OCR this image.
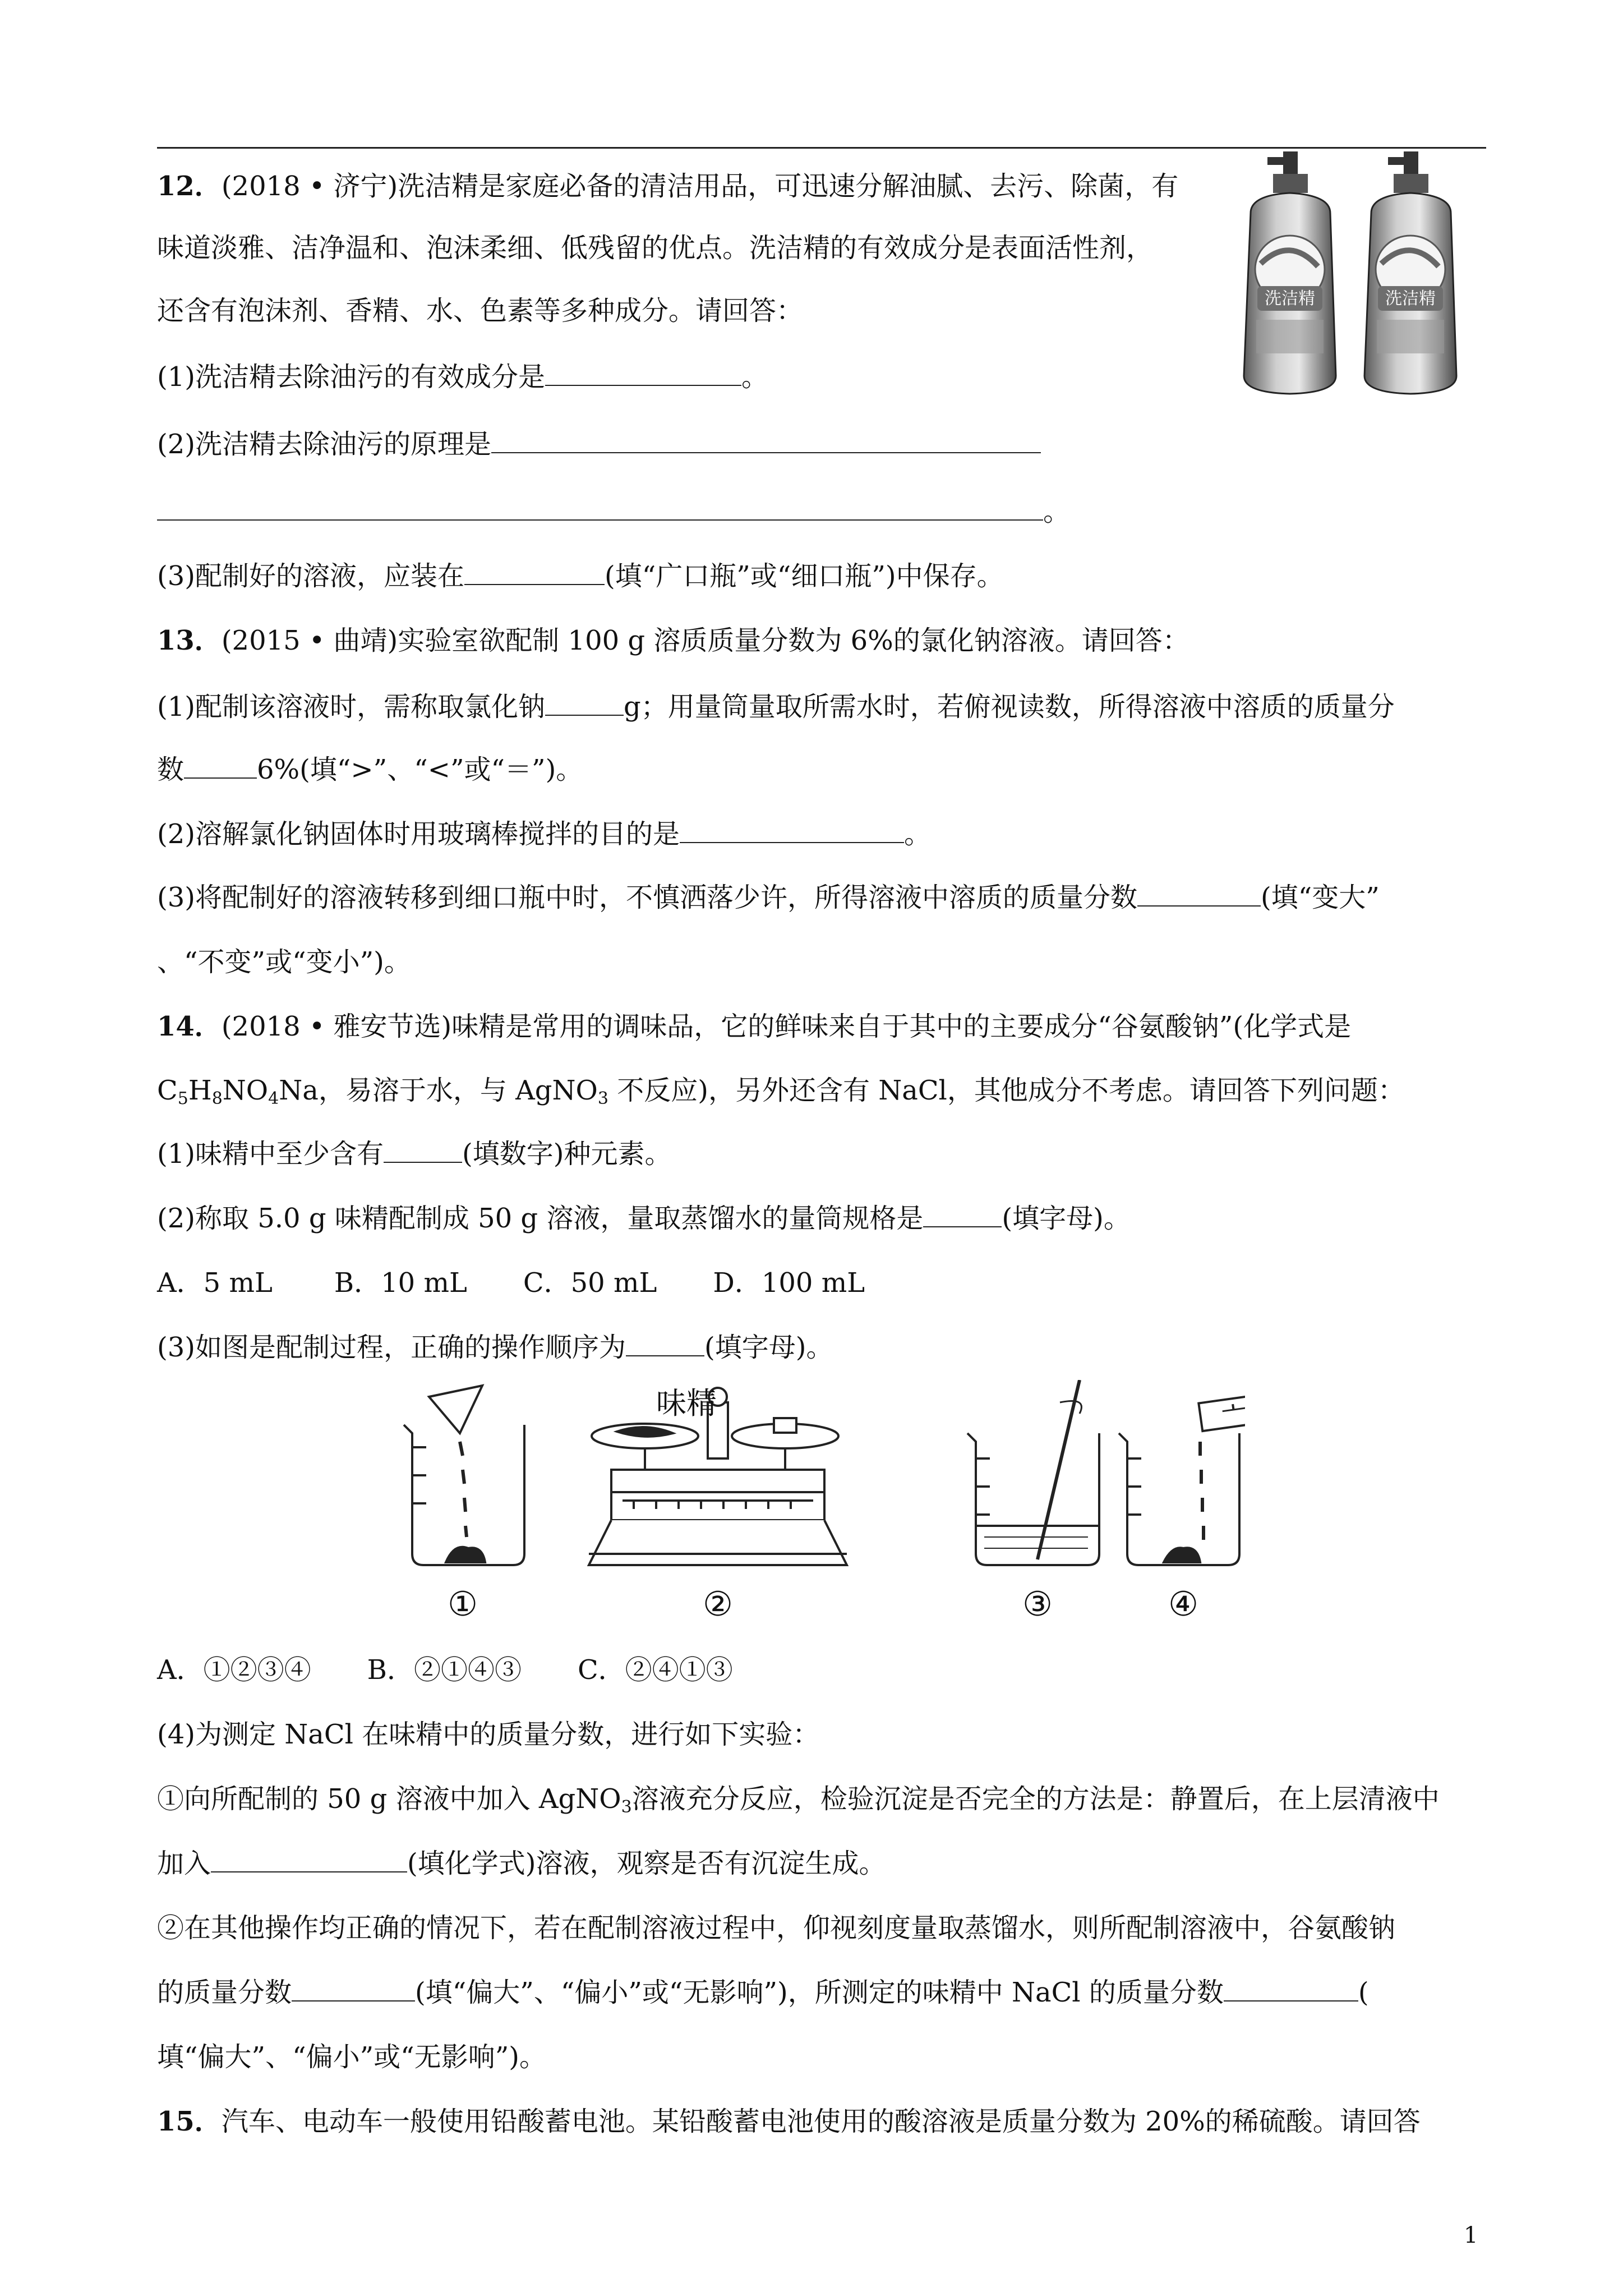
12．(2018 • 济宁)洗洁精是家庭必备的清洁用品，可迅速分解油腻、去污、除菌，有
味道淡雅、洁净温和、泡沫柔细、低残留的优点。洗洁精的有效成分是表面活性剂，
还含有泡沫剂、香精、水、色素等多种成分。请回答：
(1)洗洁精去除油污的有效成分是	。
(2)洗洁精去除油污的原理是
。
(3)配制好的溶液，应装在	(填“广口瓶”或“细口瓶”)中保存。
洗洁精	洗洁精
13．(2015 • 曲靖)实验室欲配制 100 g 溶质质量分数为 6%的氯化钠溶液。请回答：
(1)配制该溶液时，需称取氯化钠	g；用量筒量取所需水时，若俯视读数，所得溶液中溶质的质量分
数	6%(填“>”、“<”或“＝”)。
(2)溶解氯化钠固体时用玻璃棒搅拌的目的是	。
(3)将配制好的溶液转移到细口瓶中时，不慎洒落少许，所得溶液中溶质的质量分数	(填“变大”
、“不变”或“变小”)。
14．(2018 • 雅安节选)味精是常用的调味品，它的鲜味来自于其中的主要成分“谷氨酸钠”(化学式是
$C_5H_8NO_4Na$，易溶于水，与 AgNO$_3$ 不反应)，另外还含有 NaCl，其他成分不考虑。请回答下列问题：
(1)味精中至少含有	(填数字)种元素。
(2)称取 5.0 g 味精配制成 50 g 溶液，量取蒸馏水的量筒规格是	(填字母)。
A．5 mL B．10 mL C．50 mL D．100 mL
(3)如图是配制过程，正确的操作顺序为	(填字母)。
味精
①	②	③	④
A．①②③④ B．②①④③ C．②④①③
(4)为测定 NaCl 在味精中的质量分数，进行如下实验：
①向所配制的 50 g 溶液中加入 AgNO$_3$溶液充分反应，检验沉淀是否完全的方法是：静置后，在上层清液中
加入	(填化学式)溶液，观察是否有沉淀生成。
②在其他操作均正确的情况下，若在配制溶液过程中，仰视刻度量取蒸馏水，则所配制溶液中，谷氨酸钠
的质量分数	(填“偏大”、“偏小”或“无影响”)，所测定的味精中 NaCl 的质量分数	(
填“偏大”、“偏小”或“无影响”)。
15．汽车、电动车一般使用铅酸蓄电池。某铅酸蓄电池使用的酸溶液是质量分数为 20%的稀硫酸。请回答
1
